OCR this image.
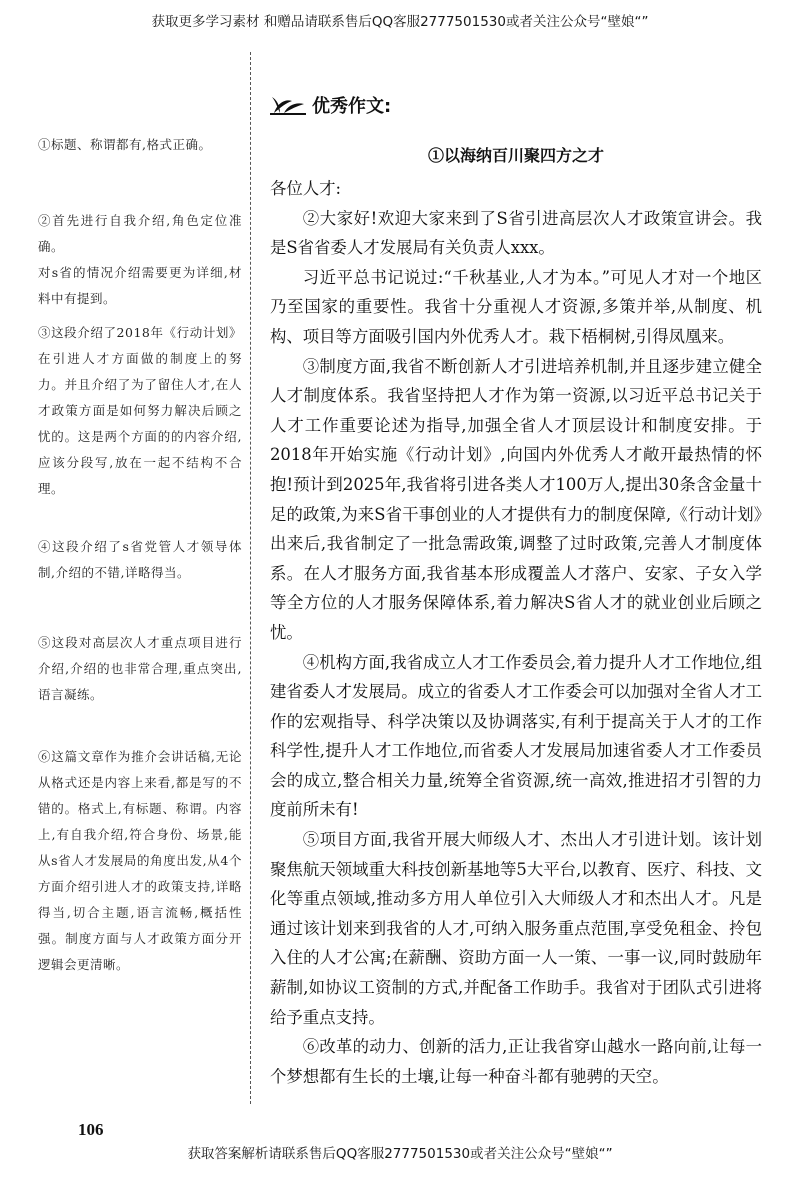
获取更多学习素材 和赠品请联系售后QQ客服2777501530或者关注公众号“壁娘“”
优秀作文:
①标题、称谓都有,格式正确。
②首先进行自我介绍,角色定位准确。
对s省的情况介绍需要更为详细,材料中有提到。
③这段介绍了2018年《行动计划》在引进人才方面做的制度上的努力。并且介绍了为了留住人才,在人才政策方面是如何努力解决后顾之忧的。这是两个方面的的内容介绍,应该分段写,放在一起不结构不合理。
④这段介绍了s省党管人才领导体制,介绍的不错,详略得当。
⑤这段对高层次人才重点项目进行介绍,介绍的也非常合理,重点突出,语言凝练。
⑥这篇文章作为推介会讲话稿,无论从格式还是内容上来看,都是写的不错的。格式上,有标题、称谓。内容上,有自我介绍,符合身份、场景,能从s省人才发展局的角度出发,从4个方面介绍引进人才的政策支持,详略得当,切合主题,语言流畅,概括性强。制度方面与人才政策方面分开逻辑会更清晰。
①以海纳百川聚四方之才

各位人才:

②大家好!欢迎大家来到了S省引进高层次人才政策宣讲会。我是S省省委人才发展局有关负责人xxx。

习近平总书记说过:“千秋基业,人才为本。”可见人才对一个地区乃至国家的重要性。我省十分重视人才资源,多策并举,从制度、机构、项目等方面吸引国内外优秀人才。栽下梧桐树,引得凤凰来。

③制度方面,我省不断创新人才引进培养机制,并且逐步建立健全人才制度体系。我省坚持把人才作为第一资源,以习近平总书记关于人才工作重要论述为指导,加强全省人才顶层设计和制度安排。于2018年开始实施《行动计划》,向国内外优秀人才敞开最热情的怀抱!预计到2025年,我省将引进各类人才100万人,提出30条含金量十足的政策,为来S省干事创业的人才提供有力的制度保障,《行动计划》出来后,我省制定了一批急需政策,调整了过时政策,完善人才制度体系。在人才服务方面,我省基本形成覆盖人才落户、安家、子女入学等全方位的人才服务保障体系,着力解决S省人才的就业创业后顾之忧。

④机构方面,我省成立人才工作委员会,着力提升人才工作地位,组建省委人才发展局。成立的省委人才工作委会可以加强对全省人才工作的宏观指导、科学决策以及协调落实,有利于提高关于人才的工作科学性,提升人才工作地位,而省委人才发展局加速省委人才工作委员会的成立,整合相关力量,统筹全省资源,统一高效,推进招才引智的力度前所未有!

⑤项目方面,我省开展大师级人才、杰出人才引进计划。该计划聚焦航天领域重大科技创新基地等5大平台,以教育、医疗、科技、文化等重点领域,推动多方用人单位引入大师级人才和杰出人才。凡是通过该计划来到我省的人才,可纳入服务重点范围,享受免租金、拎包入住的人才公寓;在薪酬、资助方面一人一策、一事一议,同时鼓励年薪制,如协议工资制的方式,并配备工作助手。我省对于团队式引进将给予重点支持。

⑥改革的动力、创新的活力,正让我省穿山越水一路向前,让每一个梦想都有生长的土壤,让每一种奋斗都有驰骋的天空。

106
获取答案解析请联系售后QQ客服2777501530或者关注公众号“壁娘“”
